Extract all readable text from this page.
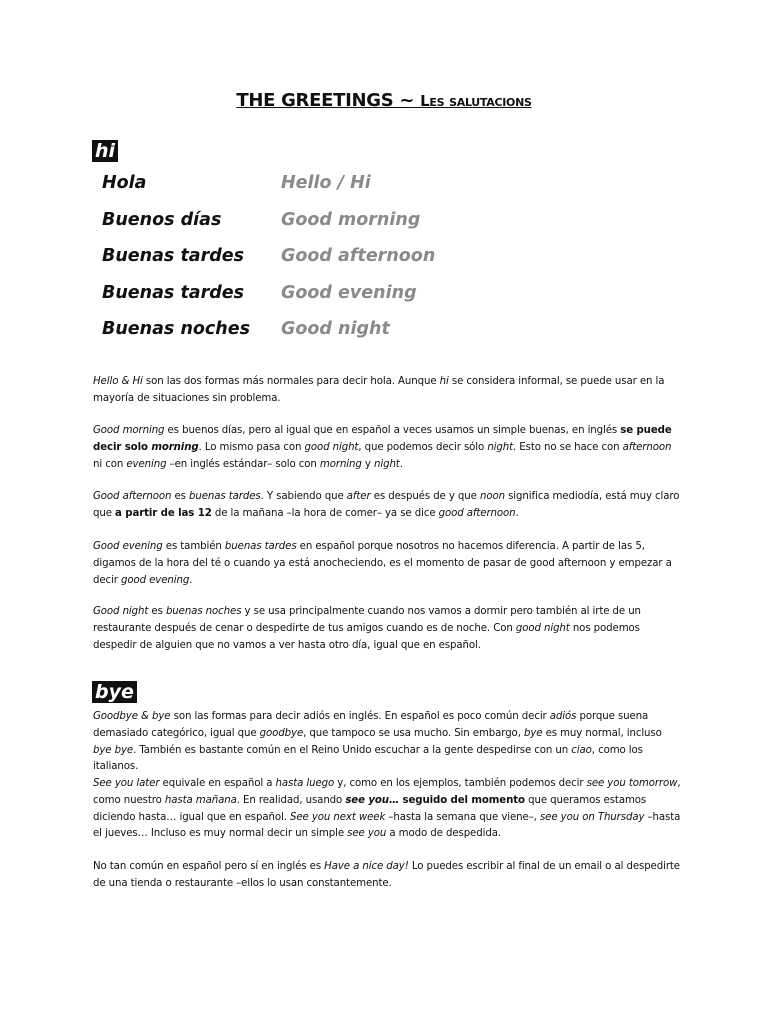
THE GREETINGS ~ Les salutacions
hi
Hola	Hello / Hi
Buenos días	Good morning
Buenas tardes Good afternoon
Buenas tardes Good evening
Buenas noches Good night
Hello & Hi son las dos formas más normales para decir hola. Aunque hi se considera informal, se puede usar en la mayoría de situaciones sin problema.
Good morning es buenos días, pero al igual que en español a veces usamos un simple buenas, en inglés se puede decir solo morning. Lo mismo pasa con good night, que podemos decir sólo night. Esto no se hace con afternoon ni con evening –en inglés estándar– solo con morning y night.
Good afternoon es buenas tardes. Y sabiendo que after es después de y que noon significa mediodía, está muy claro que a partir de las 12 de la mañana –la hora de comer– ya se dice good afternoon.
Good evening es también buenas tardes en español porque nosotros no hacemos diferencia. A partir de las 5, digamos de la hora del té o cuando ya está anocheciendo, es el momento de pasar de good afternoon y empezar a decir good evening.
Good night es buenas noches y se usa principalmente cuando nos vamos a dormir pero también al irte de un restaurante después de cenar o despedirte de tus amigos cuando es de noche. Con good night nos podemos despedir de alguien que no vamos a ver hasta otro día, igual que en español.
bye
Goodbye & bye son las formas para decir adiós en inglés. En español es poco común decir adiós porque suena demasiado categórico, igual que goodbye, que tampoco se usa mucho. Sin embargo, bye es muy normal, incluso bye bye. También es bastante común en el Reino Unido escuchar a la gente despedirse con un ciao, como los italianos.
See you later equivale en español a hasta luego y, como en los ejemplos, también podemos decir see you tomorrow, como nuestro hasta mañana. En realidad, usando see you… seguido del momento que queramos estamos diciendo hasta… igual que en español. See you next week –hasta la semana que viene–, see you on Thursday –hasta el jueves… Incluso es muy normal decir un simple see you a modo de despedida.
No tan común en español pero sí en inglés es Have a nice day! Lo puedes escribir al final de un email o al despedirte de una tienda o restaurante –ellos lo usan constantemente.
